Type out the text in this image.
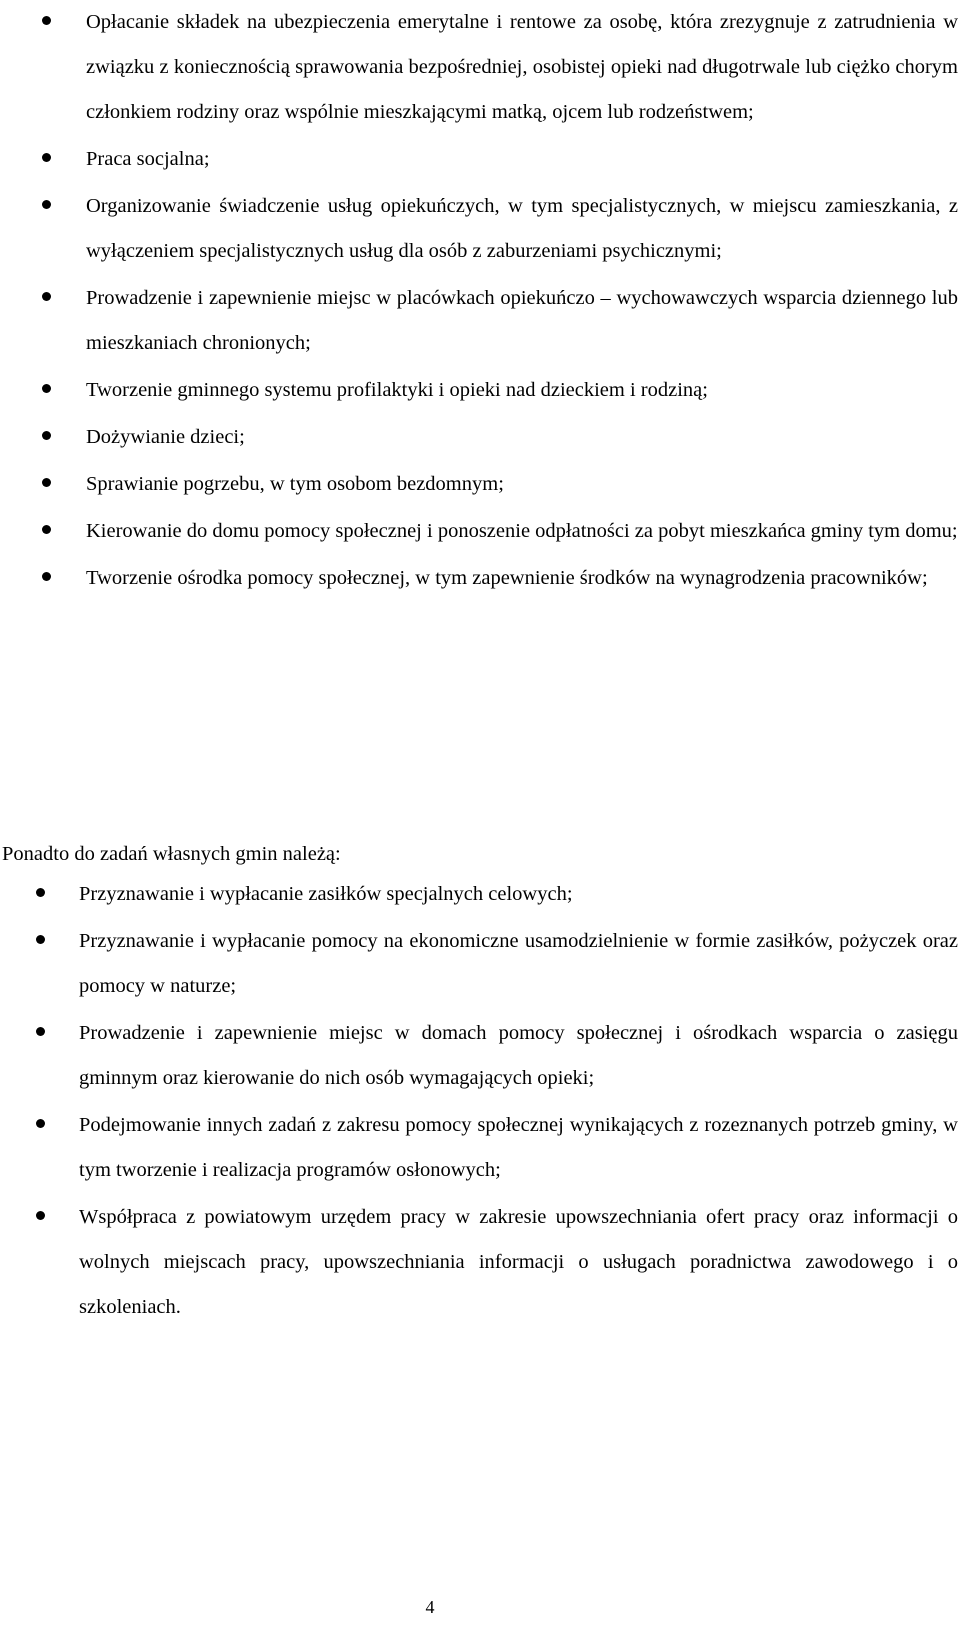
Opłacanie składek na ubezpieczenia emerytalne i rentowe za osobę, która zrezygnuje z zatrudnienia w związku z koniecznością sprawowania bezpośredniej, osobistej opieki nad długotrwale lub ciężko chorym członkiem rodziny oraz wspólnie mieszkającymi matką, ojcem lub rodzeństwem;
Praca socjalna;
Organizowanie świadczenie usług opiekuńczych, w tym specjalistycznych, w miejscu zamieszkania, z wyłączeniem specjalistycznych usług dla osób z zaburzeniami psychicznymi;
Prowadzenie i zapewnienie miejsc w placówkach opiekuńczo – wychowawczych wsparcia dziennego lub mieszkaniach chronionych;
Tworzenie gminnego systemu profilaktyki i opieki nad dzieckiem i rodziną;
Dożywianie dzieci;
Sprawianie pogrzebu, w tym osobom bezdomnym;
Kierowanie do domu pomocy społecznej i ponoszenie odpłatności za pobyt mieszkańca gminy tym domu;
Tworzenie ośrodka pomocy społecznej, w tym zapewnienie środków na wynagrodzenia pracowników;

Ponadto do zadań własnych gmin należą:

Przyznawanie i wypłacanie zasiłków specjalnych celowych;
Przyznawanie i wypłacanie pomocy na ekonomiczne usamodzielnienie w formie zasiłków, pożyczek oraz pomocy w naturze;
Prowadzenie i zapewnienie miejsc w domach pomocy społecznej i ośrodkach wsparcia o zasięgu gminnym oraz kierowanie do nich osób wymagających opieki;
Podejmowanie innych zadań z zakresu pomocy społecznej wynikających z rozeznanych potrzeb gminy, w tym tworzenie i realizacja programów osłonowych;
Współpraca z powiatowym urzędem pracy w zakresie upowszechniania ofert pracy oraz informacji o wolnych miejscach pracy, upowszechniania informacji o usługach poradnictwa zawodowego i o szkoleniach.

4
